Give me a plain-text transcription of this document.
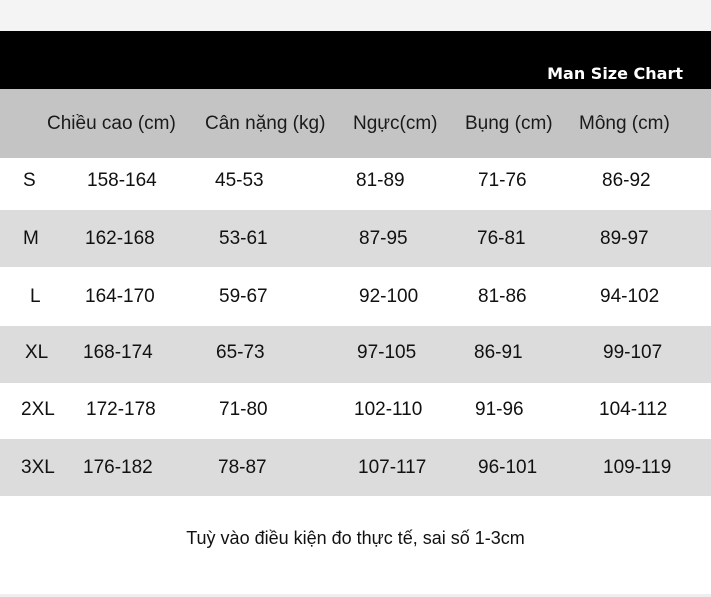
Man Size Chart
Chiều cao (cm) Cân nặng (kg) Ngực(cm) Bụng (cm) Mông (cm)
S	158-164	45-53	81-89	71-76	86-92
M 162-168	53-61	87-95	76-81	89-97
L 164-170	59-67	92-100	81-86	94-102
XL 168-174	65-73	97-105	86-91	99-107
2XL 172-178	71-80	102-110	91-96	104-112
3XL 176-182	78-87	107-117	96-101	109-119
Tuỳ vào điều kiện đo thực tế, sai số 1-3cm
